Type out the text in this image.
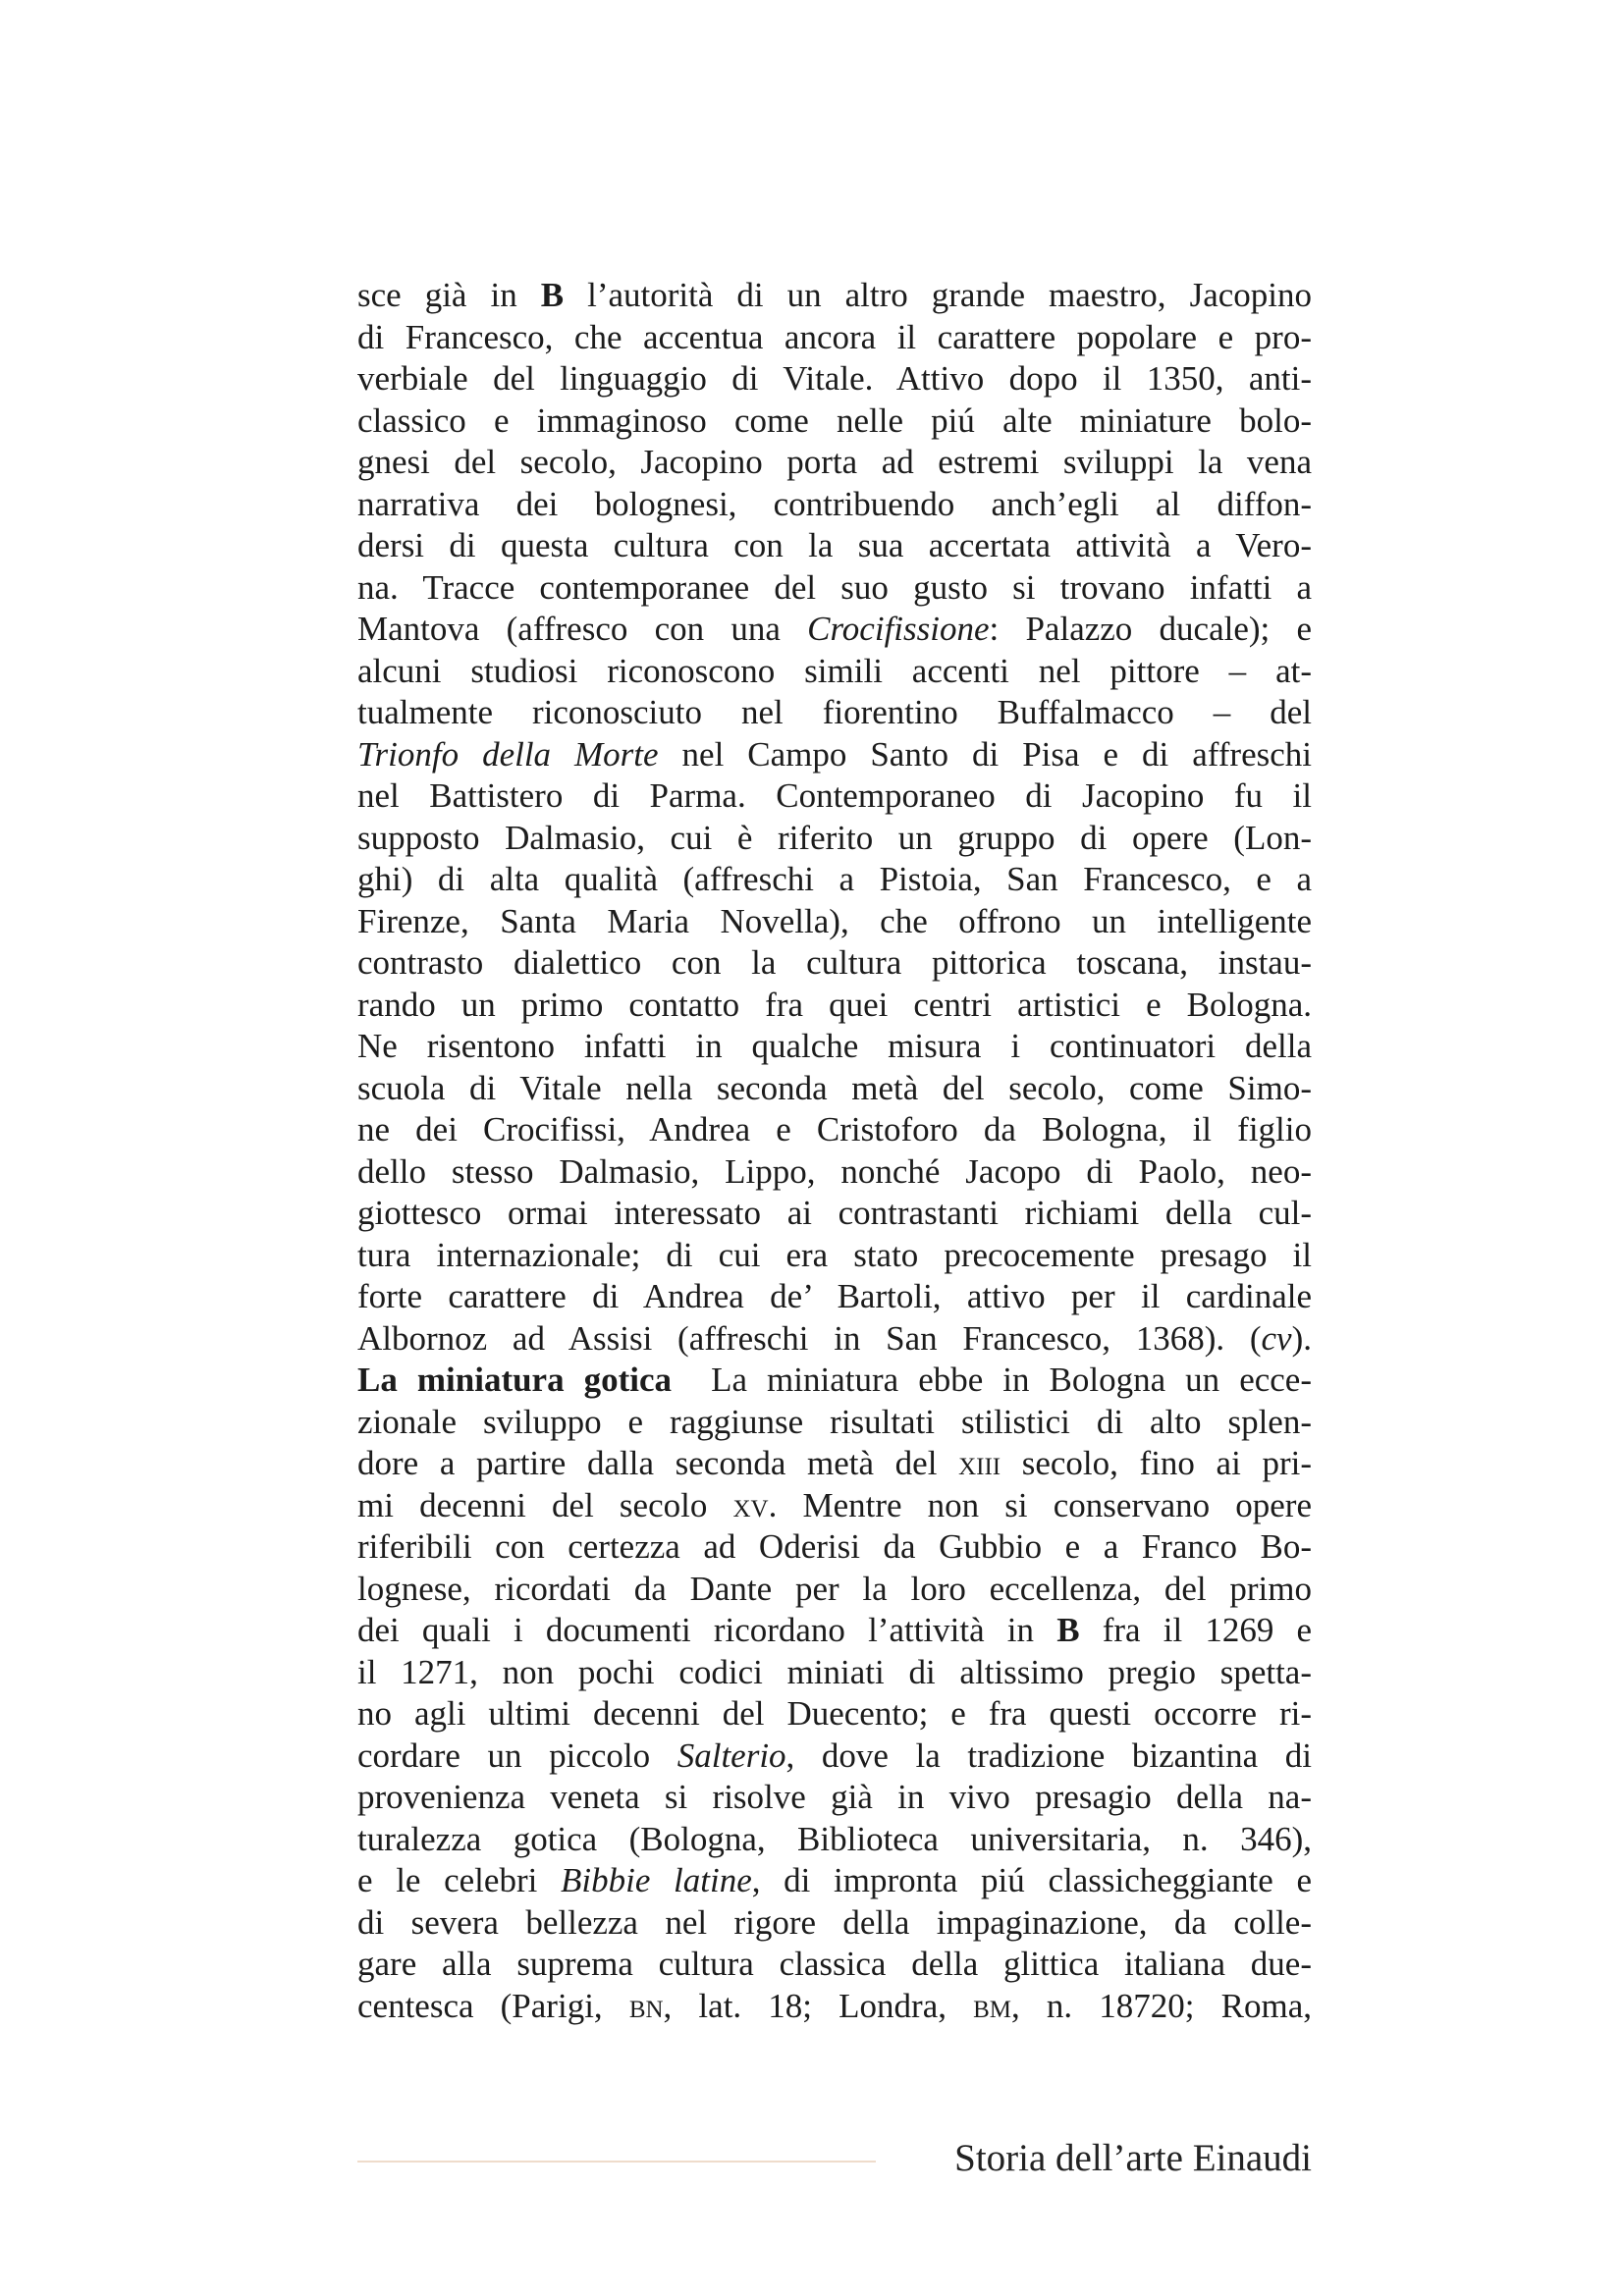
sce già in B l’autorità di un altro grande maestro, Jacopino
di Francesco, che accentua ancora il carattere popolare e pro-
verbiale del linguaggio di Vitale. Attivo dopo il 1350, anti-
classico e immaginoso come nelle piú alte miniature bolo-
gnesi del secolo, Jacopino porta ad estremi sviluppi la vena
narrativa dei bolognesi, contribuendo anch’egli al diffon-
dersi di questa cultura con la sua accertata attività a Vero-
na. Tracce contemporanee del suo gusto si trovano infatti a
Mantova (affresco con una Crocifissione: Palazzo ducale); e
alcuni studiosi riconoscono simili accenti nel pittore – at-
tualmente riconosciuto nel fiorentino Buffalmacco – del
Trionfo della Morte nel Campo Santo di Pisa e di affreschi
nel Battistero di Parma. Contemporaneo di Jacopino fu il
supposto Dalmasio, cui è riferito un gruppo di opere (Lon-
ghi) di alta qualità (affreschi a Pistoia, San Francesco, e a
Firenze, Santa Maria Novella), che offrono un intelligente
contrasto dialettico con la cultura pittorica toscana, instau-
rando un primo contatto fra quei centri artistici e Bologna.
Ne risentono infatti in qualche misura i continuatori della
scuola di Vitale nella seconda metà del secolo, come Simo-
ne dei Crocifissi, Andrea e Cristoforo da Bologna, il figlio
dello stesso Dalmasio, Lippo, nonché Jacopo di Paolo, neo-
giottesco ormai interessato ai contrastanti richiami della cul-
tura internazionale; di cui era stato precocemente presago il
forte carattere di Andrea de’ Bartoli, attivo per il cardinale
Albornoz ad Assisi (affreschi in San Francesco, 1368). (cv).
La miniatura gotica  La miniatura ebbe in Bologna un ecce-
zionale sviluppo e raggiunse risultati stilistici di alto splen-
dore a partire dalla seconda metà del xiii secolo, fino ai pri-
mi decenni del secolo xv. Mentre non si conservano opere
riferibili con certezza ad Oderisi da Gubbio e a Franco Bo-
lognese, ricordati da Dante per la loro eccellenza, del primo
dei quali i documenti ricordano l’attività in B fra il 1269 e
il 1271, non pochi codici miniati di altissimo pregio spetta-
no agli ultimi decenni del Duecento; e fra questi occorre ri-
cordare un piccolo Salterio, dove la tradizione bizantina di
provenienza veneta si risolve già in vivo presagio della na-
turalezza gotica (Bologna, Biblioteca universitaria, n. 346),
e le celebri Bibbie latine, di impronta piú classicheggiante e
di severa bellezza nel rigore della impaginazione, da colle-
gare alla suprema cultura classica della glittica italiana due-
centesca (Parigi, bn, lat. 18; Londra, bm, n. 18720; Roma,
Storia dell’arte Einaudi
